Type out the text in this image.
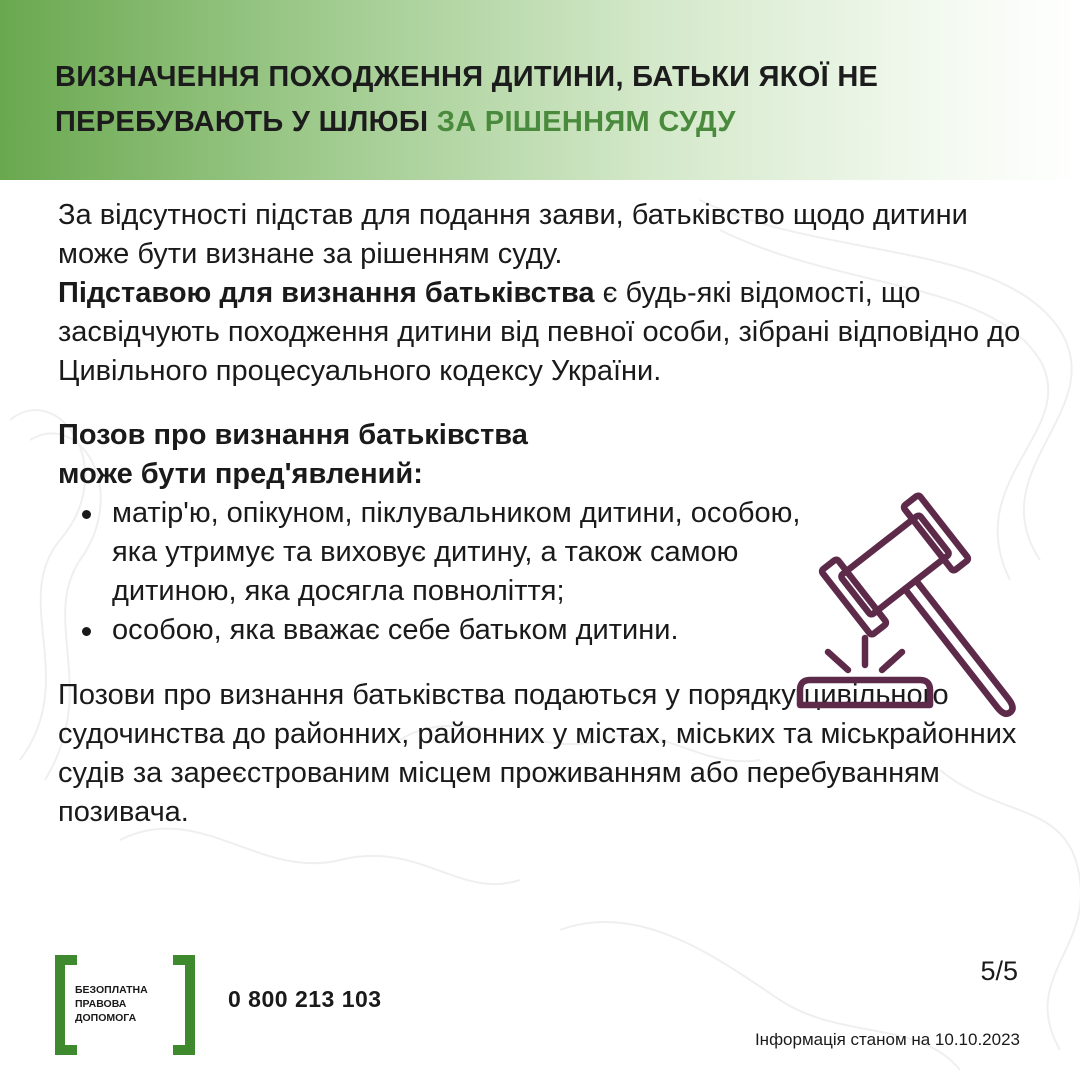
ВИЗНАЧЕННЯ ПОХОДЖЕННЯ ДИТИНИ, БАТЬКИ ЯКОЇ НЕ ПЕРЕБУВАЮТЬ У ШЛЮБІ ЗА РІШЕННЯМ СУДУ

За відсутності підстав для подання заяви, батьківство щодо дитини може бути визнане за рішенням суду.
Підставою для визнання батьківства є будь-які відомості, що засвідчують походження дитини від певної особи, зібрані відповідно до Цивільного процесуального кодексу України.

Позов про визнання батьківства

може бути пред'явлений:

матір'ю, опікуном, піклувальником дитини, особою, яка утримує та виховує дитину, а також самою дитиною, яка досягла повноліття;
особою, яка вважає себе батьком дитини.

Позови про визнання батьківства подаються у порядку цивільного судочинства до районних, районних у містах, міських та міськрайонних судів за зареєстрованим місцем проживанням або перебуванням позивача.

БЕЗОПЛАТНА
ПРАВОВА
ДОПОМОГА

0 800 213 103
5/5
Інформація станом на 10.10.2023
